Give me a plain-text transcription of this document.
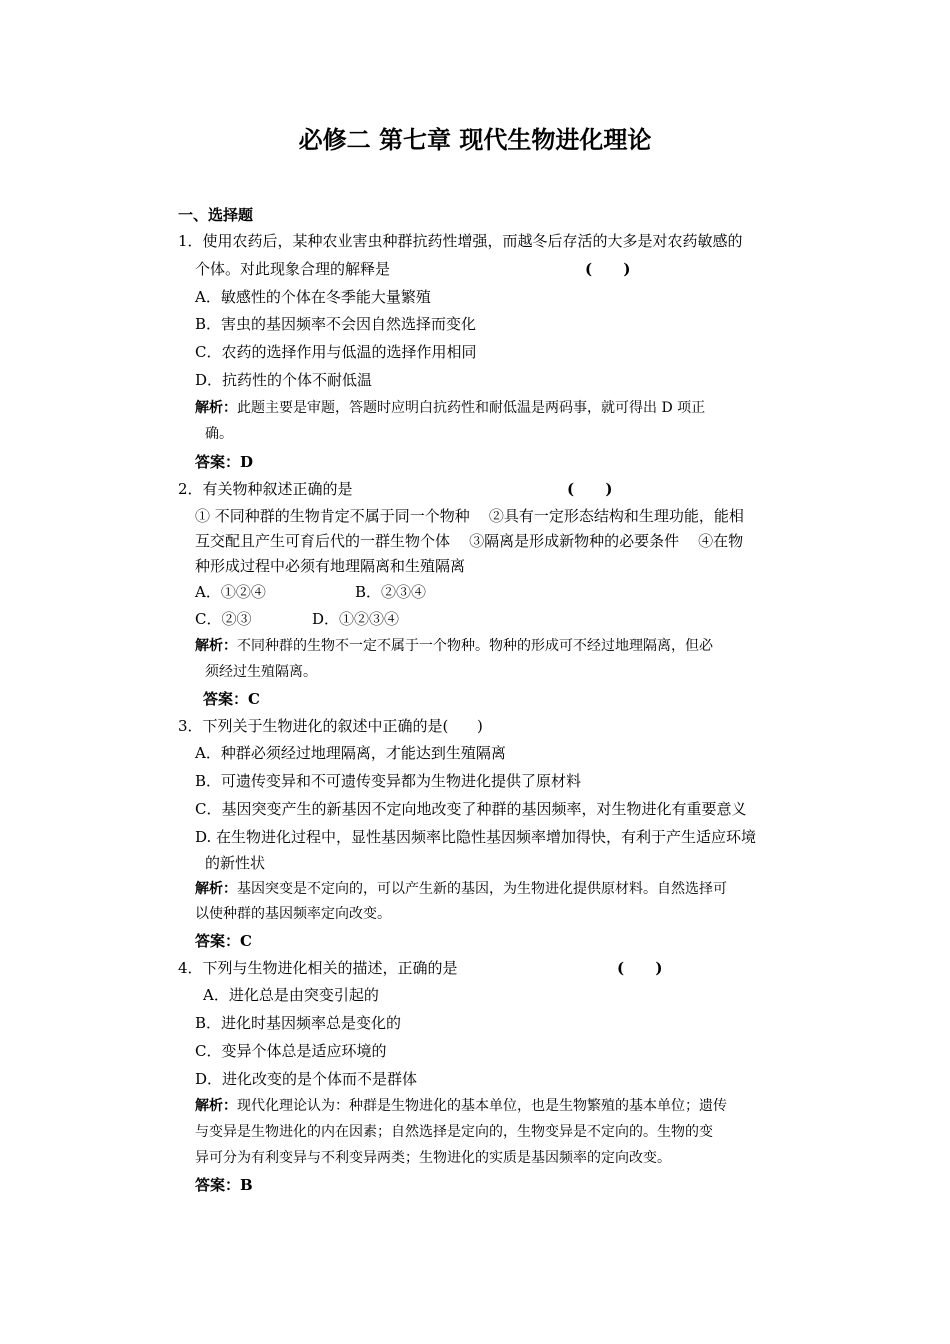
必修二 第七章 现代生物进化理论
一、选择题
1．使用农药后，某种农业害虫种群抗药性增强，而越冬后存活的大多是对农药敏感的
个体。对此现象合理的解释是	(      )
A．敏感性的个体在冬季能大量繁殖
B．害虫的基因频率不会因自然选择而变化
C．农药的选择作用与低温的选择作用相同
D．抗药性的个体不耐低温
解析：此题主要是审题，答题时应明白抗药性和耐低温是两码事，就可得出 D 项正
确。
答案：D
2．有关物种叙述正确的是	(      )
① 不同种群的生物肯定不属于同一个物种    ②具有一定形态结构和生理功能，能相
互交配且产生可育后代的一群生物个体    ③隔离是形成新物种的必要条件    ④在物
种形成过程中必须有地理隔离和生殖隔离
A．①②④	B．②③④
C．②③	D．①②③④
解析：不同种群的生物不一定不属于一个物种。物种的形成可不经过地理隔离，但必
须经过生殖隔离。
答案：C
3．下列关于生物进化的叙述中正确的是(      )
A．种群必须经过地理隔离，才能达到生殖隔离
B．可遗传变异和不可遗传变异都为生物进化提供了原材料
C．基因突变产生的新基因不定向地改变了种群的基因频率，对生物进化有重要意义
D. 在生物进化过程中，显性基因频率比隐性基因频率增加得快，有利于产生适应环境
的新性状
解析：基因突变是不定向的，可以产生新的基因，为生物进化提供原材料。自然选择可
以使种群的基因频率定向改变。
答案：C
4．下列与生物进化相关的描述，正确的是	(      )
A．进化总是由突变引起的
B．进化时基因频率总是变化的
C．变异个体总是适应环境的
D．进化改变的是个体而不是群体
解析：现代化理论认为：种群是生物进化的基本单位，也是生物繁殖的基本单位；遗传
与变异是生物进化的内在因素；自然选择是定向的，生物变异是不定向的。生物的变
异可分为有利变异与不利变异两类；生物进化的实质是基因频率的定向改变。
答案：B
